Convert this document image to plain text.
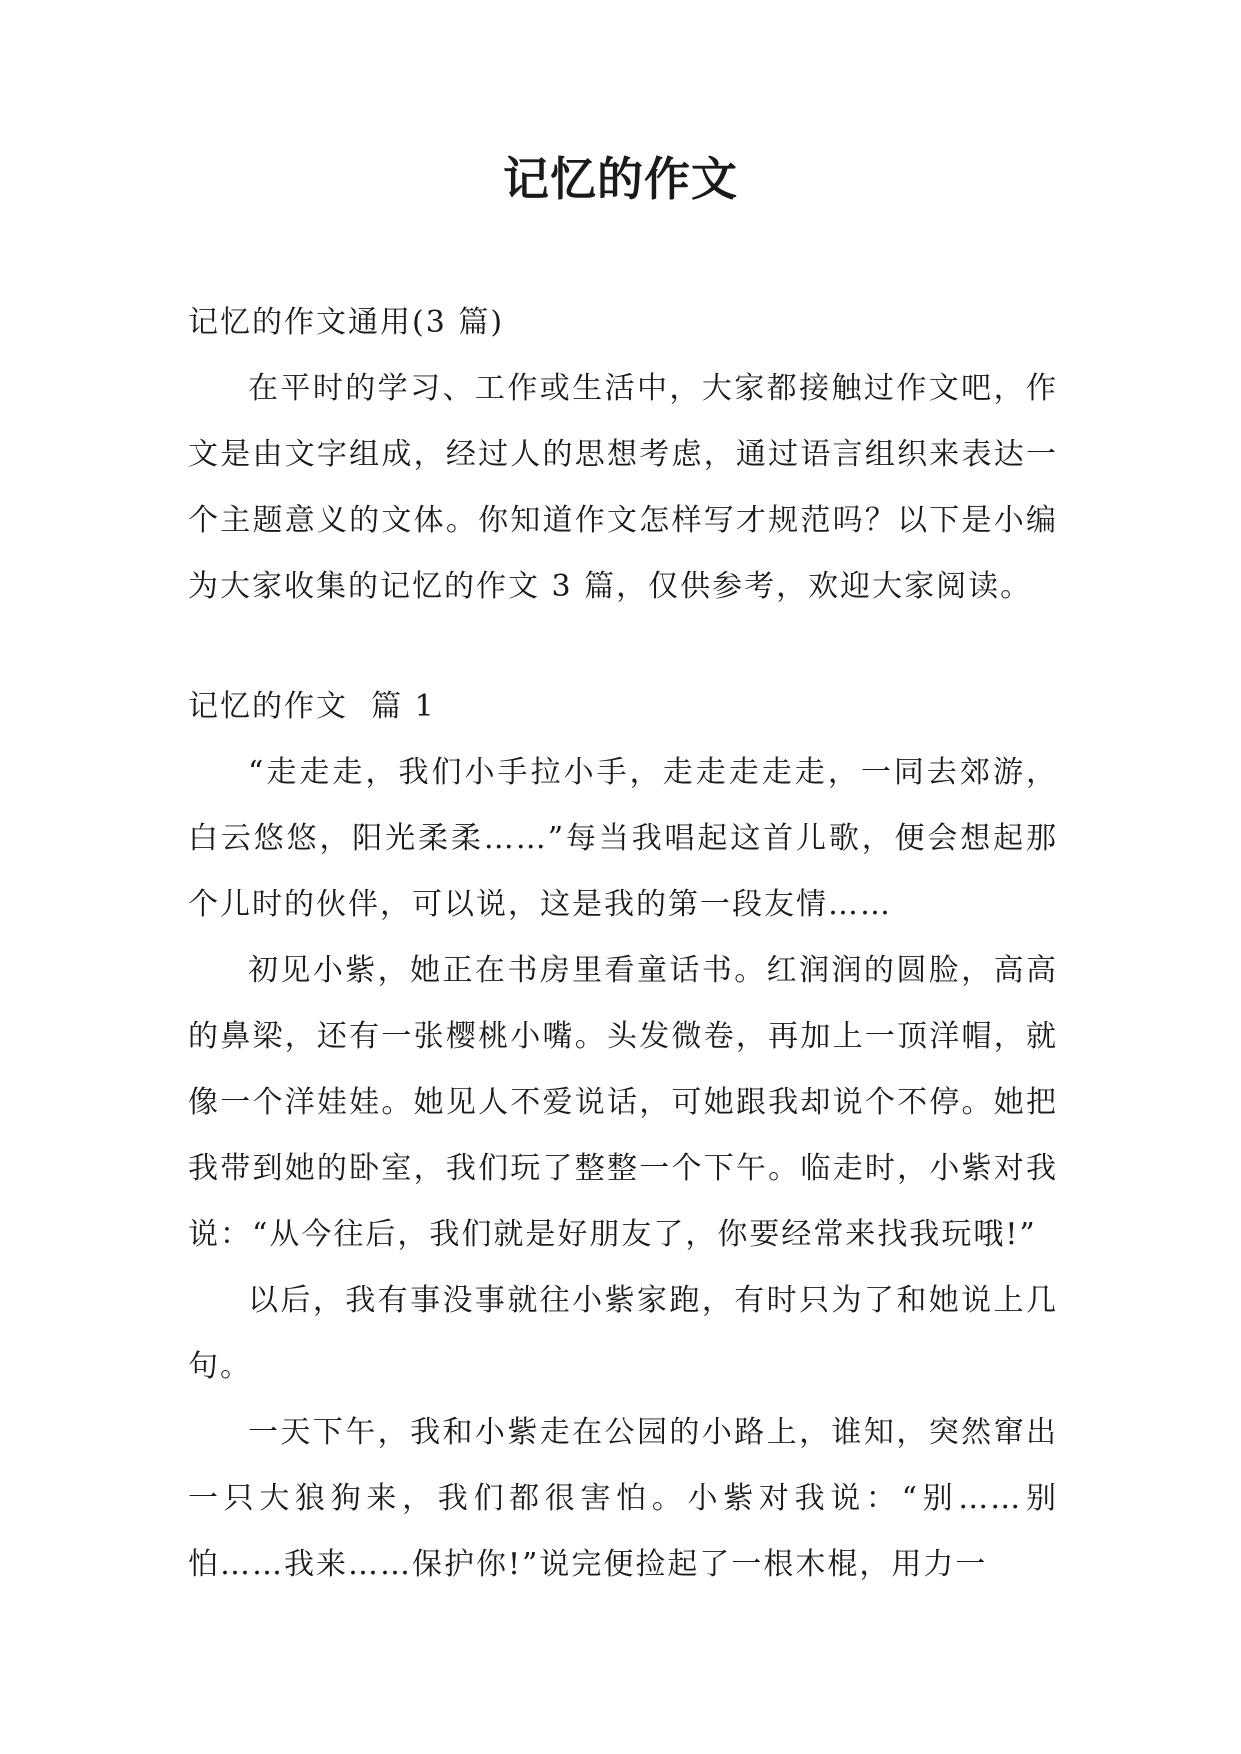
记忆的作文

记忆的作文通用(3 篇)

在平时的学习、工作或生活中，大家都接触过作文吧，作文是由文字组成，经过人的思想考虑，通过语言组织来表达一个主题意义的文体。你知道作文怎样写才规范吗？以下是小编为大家收集的记忆的作文 3 篇，仅供参考，欢迎大家阅读。

记忆的作文  篇 1

“走走走，我们小手拉小手，走走走走走，一同去郊游，白云悠悠，阳光柔柔……”每当我唱起这首儿歌，便会想起那个儿时的伙伴，可以说，这是我的第一段友情……

初见小紫，她正在书房里看童话书。红润润的圆脸，高高的鼻梁，还有一张樱桃小嘴。头发微卷，再加上一顶洋帽，就像一个洋娃娃。她见人不爱说话，可她跟我却说个不停。她把我带到她的卧室，我们玩了整整一个下午。临走时，小紫对我说：“从今往后，我们就是好朋友了，你要经常来找我玩哦!”

以后，我有事没事就往小紫家跑，有时只为了和她说上几句。

一天下午，我和小紫走在公园的小路上，谁知，突然窜出一只大狼狗来，我们都很害怕。小紫对我说：“别……别怕……我来……保护你!”说完便捡起了一根木棍，用力一
